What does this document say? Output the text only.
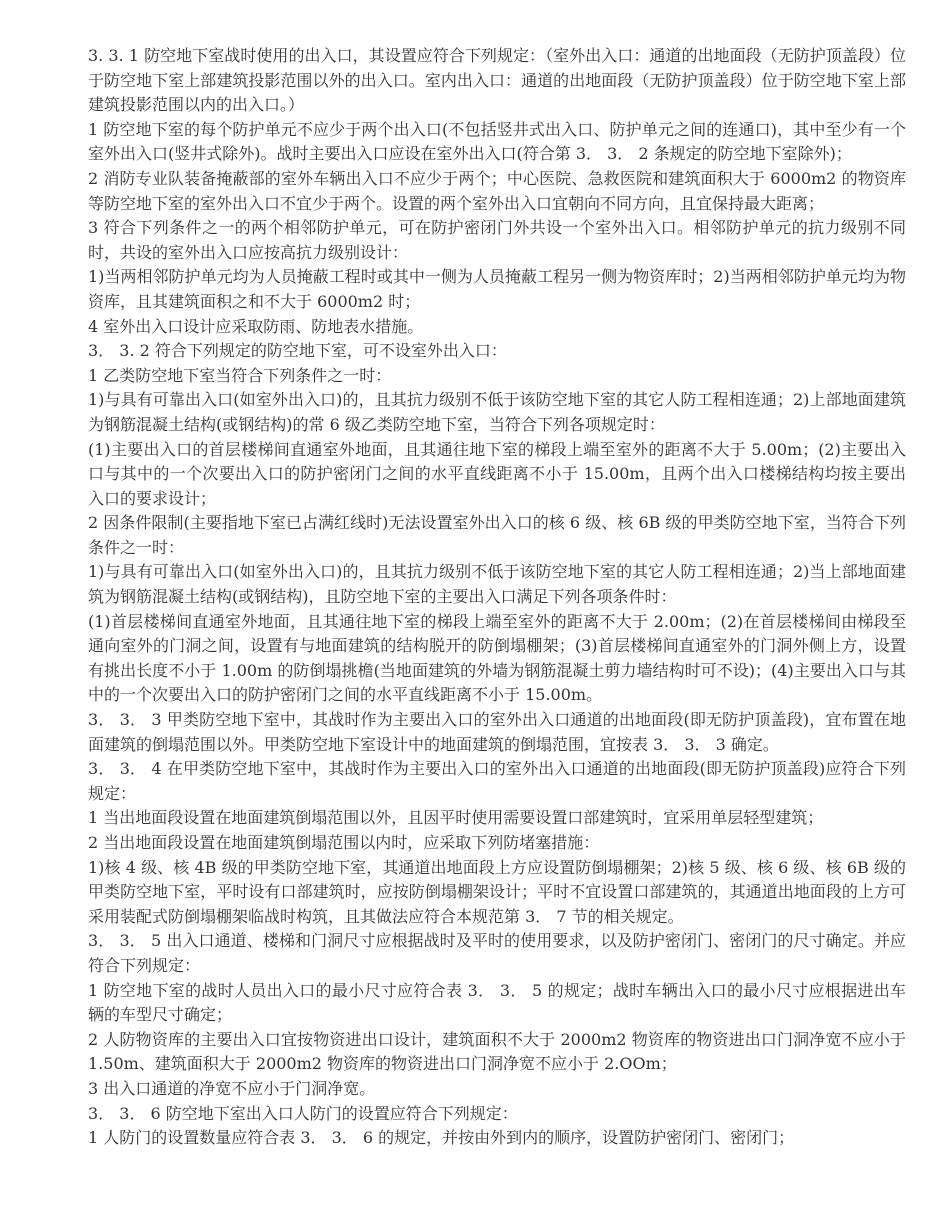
3. 3. 1 防空地下室战时使用的出入口，其设置应符合下列规定：（室外出入口：通道的出地面段（无防护顶盖段）位于防空地下室上部建筑投影范围以外的出入口。室内出入口：通道的出地面段（无防护顶盖段）位于防空地下室上部建筑投影范围以内的出入口。）

1 防空地下室的每个防护单元不应少于两个出入口(不包括竖井式出入口、防护单元之间的连通口)，其中至少有一个室外出入口(竖井式除外)。战时主要出入口应设在室外出入口(符合第 3． 3． 2 条规定的防空地下室除外)；

2 消防专业队装备掩蔽部的室外车辆出入口不应少于两个；中心医院、急救医院和建筑面积大于 6000m2 的物资库等防空地下室的室外出入口不宜少于两个。设置的两个室外出入口宜朝向不同方向，且宜保持最大距离；

3 符合下列条件之一的两个相邻防护单元，可在防护密闭门外共设一个室外出入口。相邻防护单元的抗力级别不同时，共设的室外出入口应按高抗力级别设计：

1)当两相邻防护单元均为人员掩蔽工程时或其中一侧为人员掩蔽工程另一侧为物资库时；2)当两相邻防护单元均为物资库，且其建筑面积之和不大于 6000m2 时；

4 室外出入口设计应采取防雨、防地表水措施。

3． 3. 2 符合下列规定的防空地下室，可不设室外出入口：

1 乙类防空地下室当符合下列条件之一时：

1)与具有可靠出入口(如室外出入口)的，且其抗力级别不低于该防空地下室的其它人防工程相连通；2)上部地面建筑为钢筋混凝土结构(或钢结构)的常 6 级乙类防空地下室，当符合下列各项规定时：

(1)主要出入口的首层楼梯间直通室外地面，且其通往地下室的梯段上端至室外的距离不大于 5.00m；(2)主要出入口与其中的一个次要出入口的防护密闭门之间的水平直线距离不小于 15.00m，且两个出入口楼梯结构均按主要出入口的要求设计；

2 因条件限制(主要指地下室已占满红线时)无法设置室外出入口的核 6 级、核 6B 级的甲类防空地下室，当符合下列条件之一时：

1)与具有可靠出入口(如室外出入口)的，且其抗力级别不低于该防空地下室的其它人防工程相连通；2)当上部地面建筑为钢筋混凝土结构(或钢结构)，且防空地下室的主要出入口满足下列各项条件时：

(1)首层楼梯间直通室外地面，且其通往地下室的梯段上端至室外的距离不大于 2.00m；(2)在首层楼梯间由梯段至通向室外的门洞之间，设置有与地面建筑的结构脱开的防倒塌棚架；(3)首层楼梯间直通室外的门洞外侧上方，设置有挑出长度不小于 1.00m 的防倒塌挑檐(当地面建筑的外墙为钢筋混凝土剪力墙结构时可不设)；(4)主要出入口与其中的一个次要出入口的防护密闭门之间的水平直线距离不小于 15.00m。

3． 3． 3 甲类防空地下室中，其战时作为主要出入口的室外出入口通道的出地面段(即无防护顶盖段)，宜布置在地面建筑的倒塌范围以外。甲类防空地下室设计中的地面建筑的倒塌范围，宜按表 3． 3． 3 确定。

3． 3． 4 在甲类防空地下室中，其战时作为主要出入口的室外出入口通道的出地面段(即无防护顶盖段)应符合下列规定：

1 当出地面段设置在地面建筑倒塌范围以外，且因平时使用需要设置口部建筑时，宜采用单层轻型建筑；

2 当出地面段设置在地面建筑倒塌范围以内时，应采取下列防堵塞措施：

1)核 4 级、核 4B 级的甲类防空地下室，其通道出地面段上方应设置防倒塌棚架；2)核 5 级、核 6 级、核 6B 级的甲类防空地下室，平时设有口部建筑时，应按防倒塌棚架设计；平时不宜设置口部建筑的，其通道出地面段的上方可采用装配式防倒塌棚架临战时构筑，且其做法应符合本规范第 3． 7 节的相关规定。

3． 3． 5 出入口通道、楼梯和门洞尺寸应根据战时及平时的使用要求，以及防护密闭门、密闭门的尺寸确定。并应符合下列规定：

1 防空地下室的战时人员出入口的最小尺寸应符合表 3． 3． 5 的规定；战时车辆出入口的最小尺寸应根据进出车辆的车型尺寸确定；

2 人防物资库的主要出入口宜按物资进出口设计，建筑面积不大于 2000m2 物资库的物资进出口门洞净宽不应小于 1.50m、建筑面积大于 2000m2 物资库的物资进出口门洞净宽不应小于 2.OOm；

3 出入口通道的净宽不应小于门洞净宽。

3． 3． 6 防空地下室出入口人防门的设置应符合下列规定：

1 人防门的设置数量应符合表 3． 3． 6 的规定，并按由外到内的顺序，设置防护密闭门、密闭门；
